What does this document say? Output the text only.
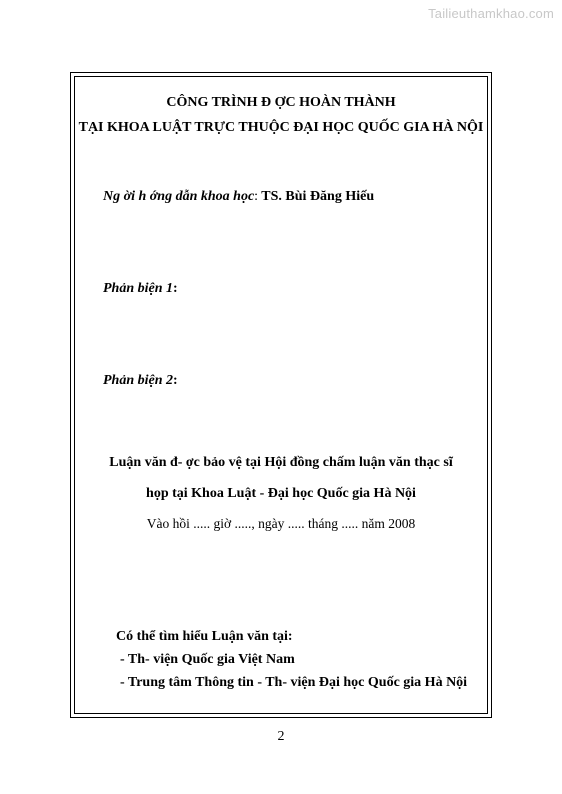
Tailieuthamkhao.com
CÔNG TRÌNH Đ ỢC HOÀN THÀNH
TẠI KHOA LUẬT TRỰC THUỘC ĐẠI HỌC QUỐC GIA HÀ NỘI
Ng ời h ớng dẫn khoa học: TS. Bùi Đăng Hiếu
Phản biện 1:
Phản biện 2:
Luận văn đ- ợc bảo vệ tại Hội đồng chấm luận văn thạc sĩ
họp tại Khoa Luật - Đại học Quốc gia Hà Nội
Vào hồi ..... giờ ....., ngày ..... tháng ..... năm 2008
Có thể tìm hiểu Luận văn tại:
- Th- viện Quốc gia Việt Nam
- Trung tâm Thông tin - Th- viện Đại học Quốc gia Hà Nội
2
